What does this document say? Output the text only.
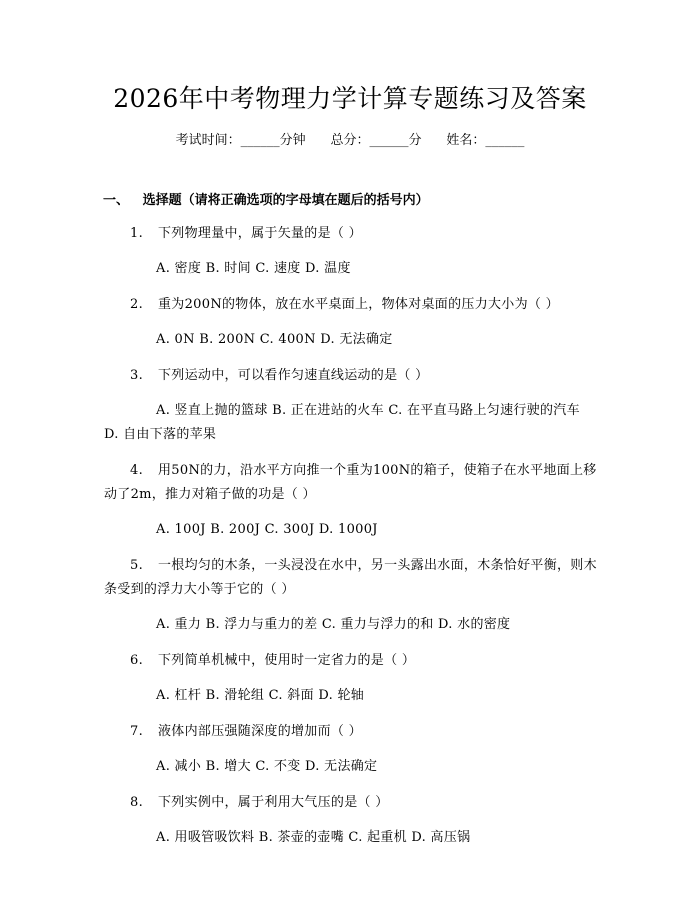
2026年中考物理力学计算专题练习及答案
考试时间：______分钟 总分：______分 姓名：______
一、 选择题（请将正确选项的字母填在题后的括号内）
1. 下列物理量中，属于矢量的是（ ）
A. 密度 B. 时间 C. 速度 D. 温度
2. 重为200N的物体，放在水平桌面上，物体对桌面的压力大小为（ ）
A. 0N B. 200N C. 400N D. 无法确定
3. 下列运动中，可以看作匀速直线运动的是（ ）
A. 竖直上抛的篮球 B. 正在进站的火车 C. 在平直马路上匀速行驶的汽车 D. 自由下落的苹果
4. 用50N的力，沿水平方向推一个重为100N的箱子，使箱子在水平地面上移动了2m，推力对箱子做的功是（ ）
A. 100J B. 200J C. 300J D. 1000J
5. 一根均匀的木条，一头浸没在水中，另一头露出水面，木条恰好平衡，则木条受到的浮力大小等于它的（ ）
A. 重力 B. 浮力与重力的差 C. 重力与浮力的和 D. 水的密度
6. 下列简单机械中，使用时一定省力的是（ ）
A. 杠杆 B. 滑轮组 C. 斜面 D. 轮轴
7. 液体内部压强随深度的增加而（ ）
A. 减小 B. 增大 C. 不变 D. 无法确定
8. 下列实例中，属于利用大气压的是（ ）
A. 用吸管吸饮料 B. 茶壶的壶嘴 C. 起重机 D. 高压锅
